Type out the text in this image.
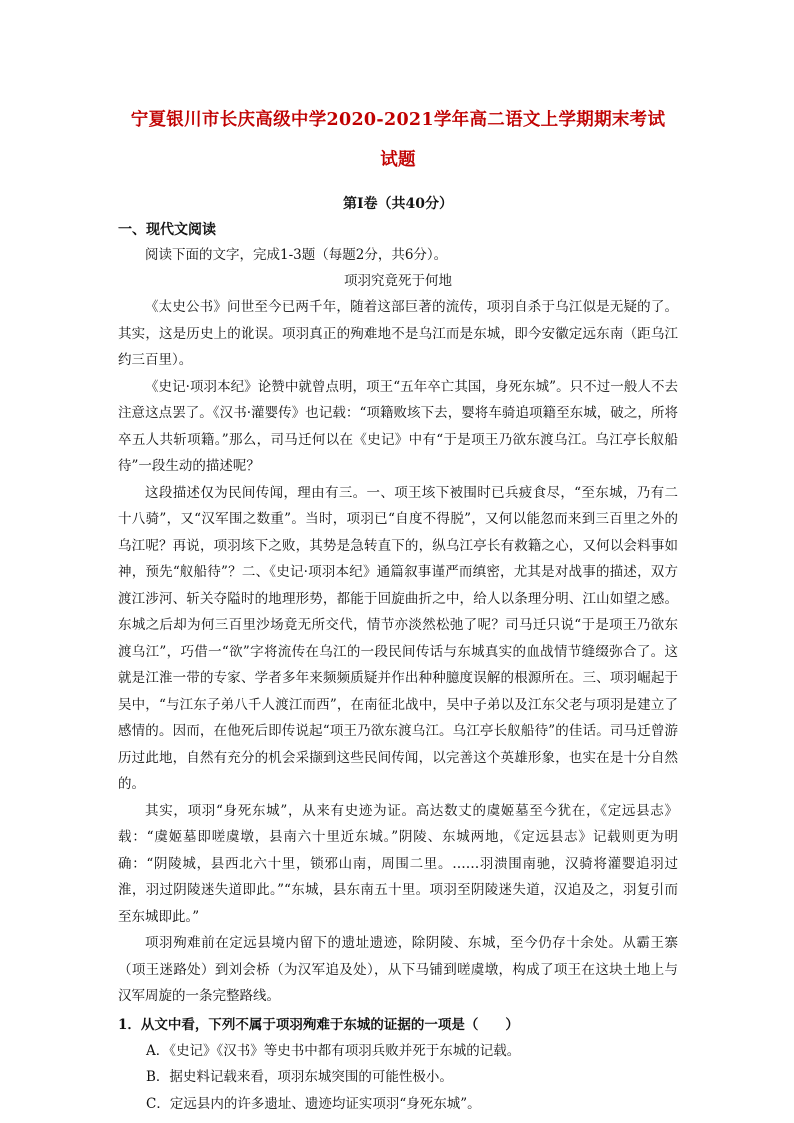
宁夏银川市长庆高级中学2020-2021学年高二语文上学期期末考试
试题
第Ⅰ卷（共40分）
一、现代文阅读
阅读下面的文字，完成1-3题（每题2分，共6分）。
项羽究竟死于何地

《太史公书》问世至今已两千年，随着这部巨著的流传，项羽自杀于乌江似是无疑的了。其实，这是历史上的讹误。项羽真正的殉难地不是乌江而是东城，即今安徽定远东南（距乌江约三百里）。

《史记·项羽本纪》论赞中就曾点明，项王“五年卒亡其国，身死东城”。只不过一般人不去注意这点罢了。《汉书·灌婴传》也记载：“项籍败垓下去，婴将车骑追项籍至东城，破之，所将卒五人共斩项籍。”那么，司马迁何以在《史记》中有“于是项王乃欲东渡乌江。乌江亭长舣船待”一段生动的描述呢？

这段描述仅为民间传闻，理由有三。一、项王垓下被围时已兵疲食尽，“至东城，乃有二十八骑”，又“汉军围之数重”。当时，项羽已“自度不得脱”，又何以能忽而来到三百里之外的乌江呢？再说，项羽垓下之败，其势是急转直下的，纵乌江亭长有救籍之心，又何以会料事如神，预先“舣船待”？二、《史记·项羽本纪》通篇叙事谨严而缜密，尤其是对战事的描述，双方渡江涉河、斩关夺隘时的地理形势，都能于回旋曲折之中，给人以条理分明、江山如望之感。东城之后却为何三百里沙场竟无所交代，情节亦淡然松弛了呢？司马迁只说“于是项王乃欲东渡乌江”，巧借一“欲”字将流传在乌江的一段民间传话与东城真实的血战情节缝缀弥合了。这就是江淮一带的专家、学者多年来频频质疑并作出种种臆度误解的根源所在。三、项羽崛起于吴中，“与江东子弟八千人渡江而西”，在南征北战中，吴中子弟以及江东父老与项羽是建立了感情的。因而，在他死后即传说起“项王乃欲东渡乌江。乌江亭长舣船待”的佳话。司马迁曾游历过此地，自然有充分的机会采撷到这些民间传闻，以完善这个英雄形象，也实在是十分自然的。

其实，项羽“身死东城”，从来有史迹为证。高达数丈的虞姬墓至今犹在，《定远县志》载：“虞姬墓即嗟虞墩，县南六十里近东城。”阴陵、东城两地，《定远县志》记载则更为明确：“阴陵城，县西北六十里，锁邪山南，周围二里。……羽溃围南驰，汉骑将灌婴追羽过淮，羽过阴陵迷失道即此。”“东城，县东南五十里。项羽至阴陵迷失道，汉追及之，羽复引而至东城即此。”

项羽殉难前在定远县境内留下的遗址遗迹，除阴陵、东城，至今仍存十余处。从霸王寨（项王迷路处）到刘会桥（为汉军追及处），从下马铺到嗟虞墩，构成了项王在这块土地上与汉军周旋的一条完整路线。

1．从文中看，下列不属于项羽殉难于东城的证据的一项是（　　）
A．《史记》《汉书》等史书中都有项羽兵败并死于东城的记载。
B．据史料记载来看，项羽东城突围的可能性极小。
C．定远县内的许多遗址、遗迹均证实项羽“身死东城”。
